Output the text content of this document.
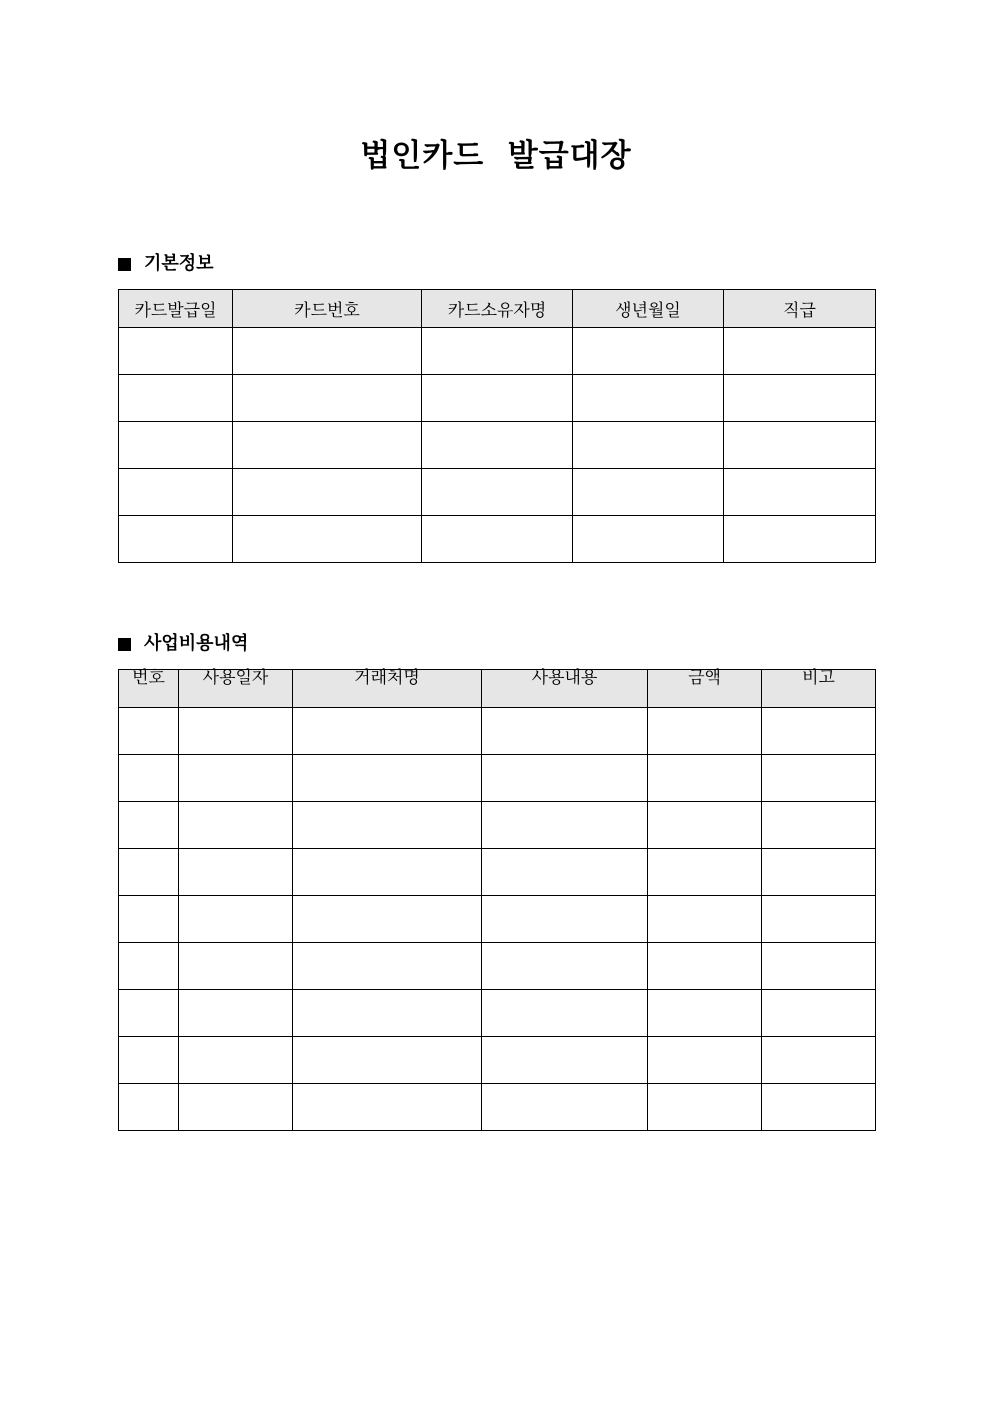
법인카드  발급대장
기본정보
카드발급일	카드번호	카드소유자명	생년월일	직급

사업비용내역
번호	사용일자	거래처명	사용내용	금액	비고
